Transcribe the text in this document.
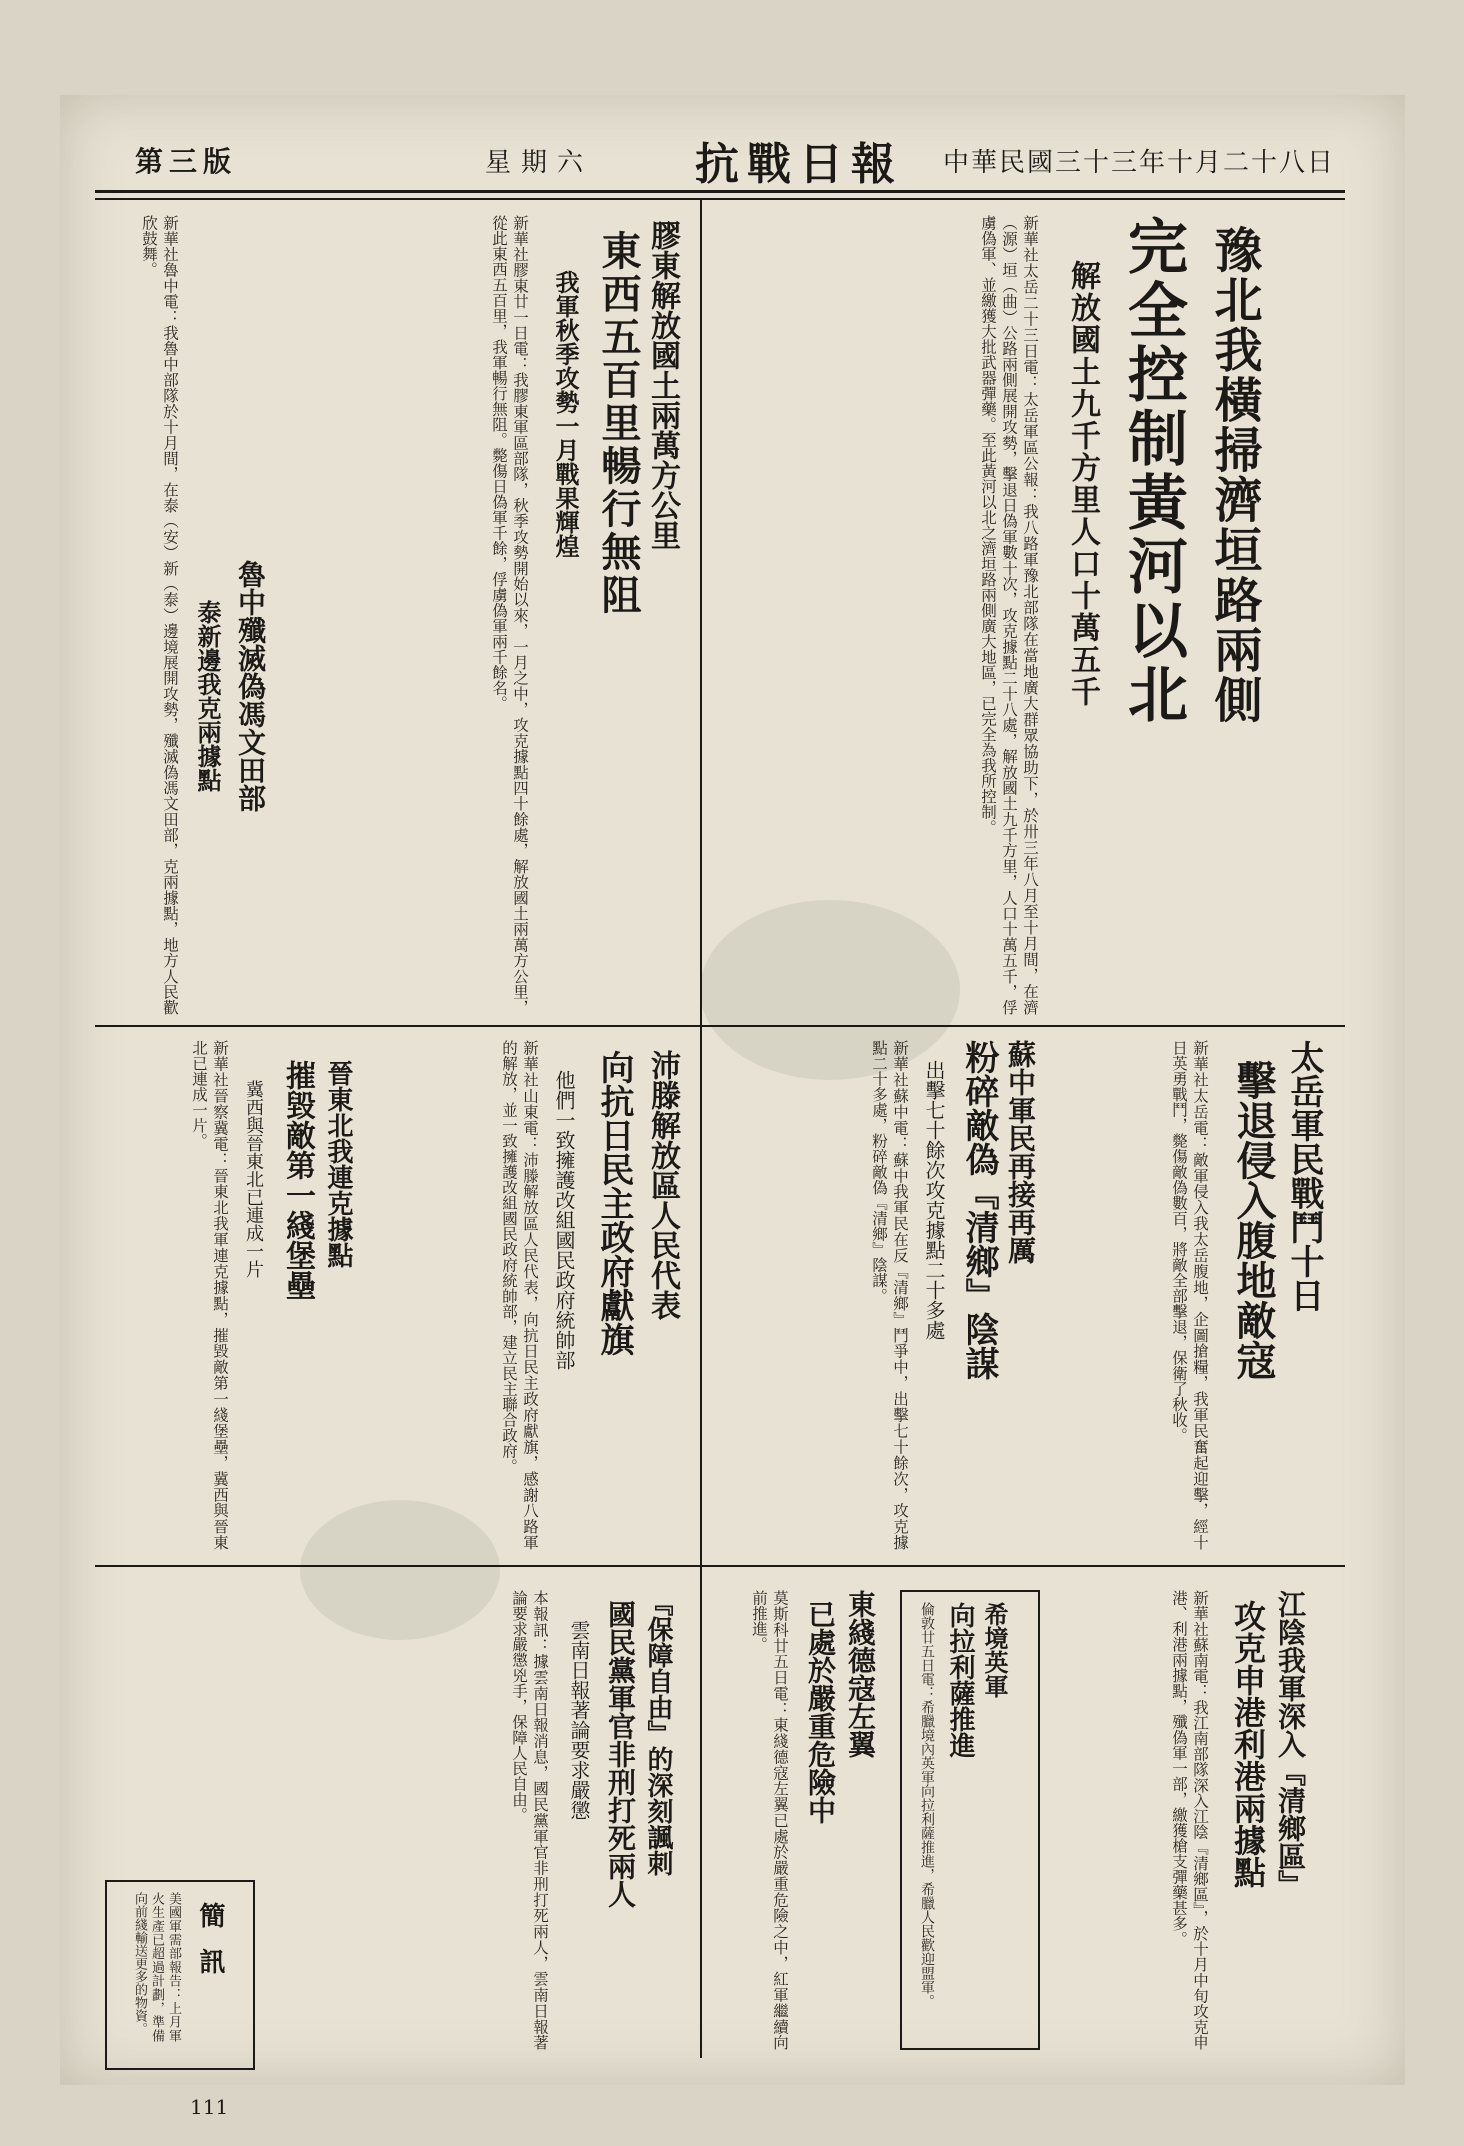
第三版	星期六 抗戰日報 中華民國三十三年十月二十八日
豫北我橫掃濟垣路兩側
完全控制黃河以北
解放國土九千方里人口十萬五千
新華社太岳二十三日電：太岳軍區公報：我八路軍豫北部隊在當地廣大群眾協助下，於卅三年八月至十月間，在濟（源）垣（曲）公路兩側展開攻勢，擊退日偽軍數十次，攻克據點二十八處，解放國土九千方里，人口十萬五千，俘虜偽軍、並繳獲大批武器彈藥。至此黃河以北之濟垣路兩側廣大地區，已完全為我所控制。
膠東解放國土兩萬方公里
東西五百里暢行無阻
我軍秋季攻勢一月戰果輝煌
新華社膠東廿一日電：我膠東軍區部隊，秋季攻勢開始以來，一月之中，攻克據點四十餘處，解放國土兩萬方公里，從此東西五百里，我軍暢行無阻。斃傷日偽軍千餘，俘虜偽軍兩千餘名。
魯中殲滅偽馮文田部
泰新邊我克兩據點
新華社魯中電：我魯中部隊於十月間，在泰（安）新（泰）邊境展開攻勢，殲滅偽馮文田部，克兩據點，地方人民歡欣鼓舞。
太岳軍民戰鬥十日
擊退侵入腹地敵寇
新華社太岳電：敵軍侵入我太岳腹地，企圖搶糧，我軍民奮起迎擊，經十日英勇戰鬥，斃傷敵偽數百，將敵全部擊退，保衛了秋收。
蘇中軍民再接再厲
粉碎敵偽『清鄉』陰謀
出擊七十餘次攻克據點二十多處
新華社蘇中電：蘇中我軍民在反『清鄉』鬥爭中，出擊七十餘次，攻克據點二十多處，粉碎敵偽『清鄉』陰謀。
沛滕解放區人民代表
向抗日民主政府獻旗
他們一致擁護改組國民政府統帥部
新華社山東電：沛滕解放區人民代表，向抗日民主政府獻旗，感謝八路軍的解放，並一致擁護改組國民政府統帥部，建立民主聯合政府。
晉東北我連克據點
摧毀敵第一綫堡壘
冀西與晉東北已連成一片
新華社晉察冀電：晉東北我軍連克據點，摧毀敵第一綫堡壘，冀西與晉東北已連成一片。
江陰我軍深入『清鄉區』
攻克申港利港兩據點
新華社蘇南電：我江南部隊深入江陰『清鄉區』，於十月中旬攻克申港、利港兩據點，殲偽軍一部，繳獲槍支彈藥甚多。
希境英軍
向拉利薩推進
倫敦廿五日電：希臘境內英軍向拉利薩推進，希臘人民歡迎盟軍。
東綫德寇左翼
已處於嚴重危險中
莫斯科廿五日電：東綫德寇左翼已處於嚴重危險之中，紅軍繼續向前推進。
『保障自由』的深刻諷刺
國民黨軍官非刑打死兩人
雲南日報著論要求嚴懲
本報訊：據雲南日報消息，國民黨軍官非刑打死兩人，雲南日報著論要求嚴懲兇手，保障人民自由。
簡訊
美國軍需部報告：上月軍火生產已超過計劃，準備向前綫輸送更多的物資。
111
